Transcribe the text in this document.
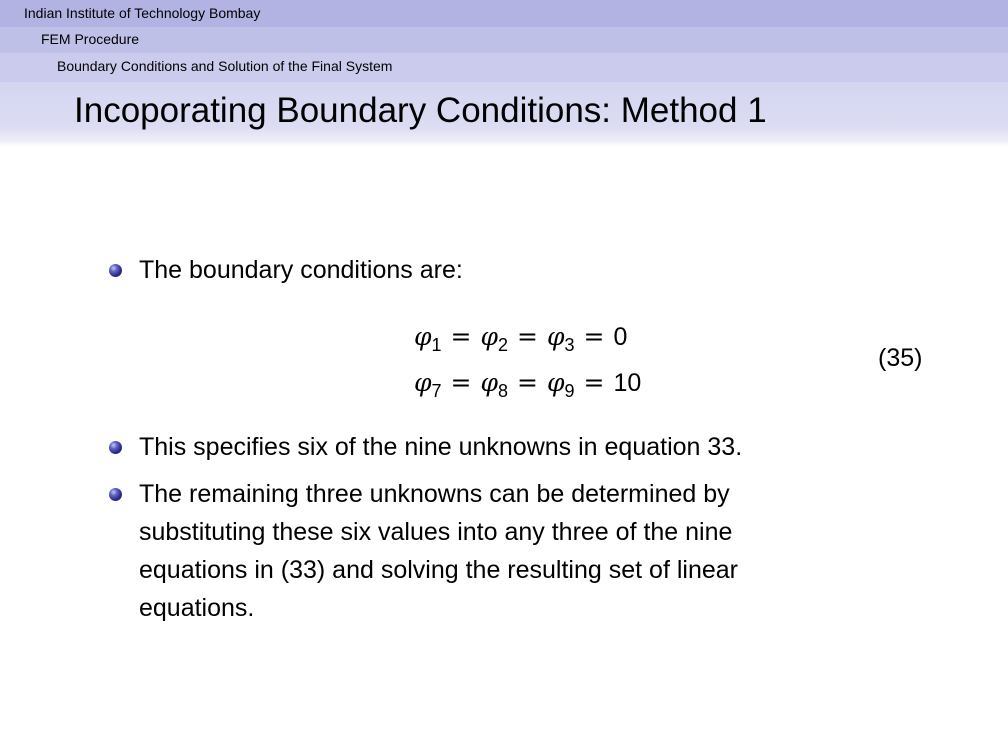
Indian Institute of Technology Bombay
FEM Procedure
Boundary Conditions and Solution of the Final System
Incoporating Boundary Conditions: Method 1
The boundary conditions are:
$\varphi_1 = \varphi_2 = \varphi_3 = 0$
$\varphi_7 = \varphi_8 = \varphi_9 = 10$
(35)
This specifies six of the nine unknowns in equation 33.
The remaining three unknowns can be determined by substituting these six values into any three of the nine equations in (33) and solving the resulting set of linear equations.
